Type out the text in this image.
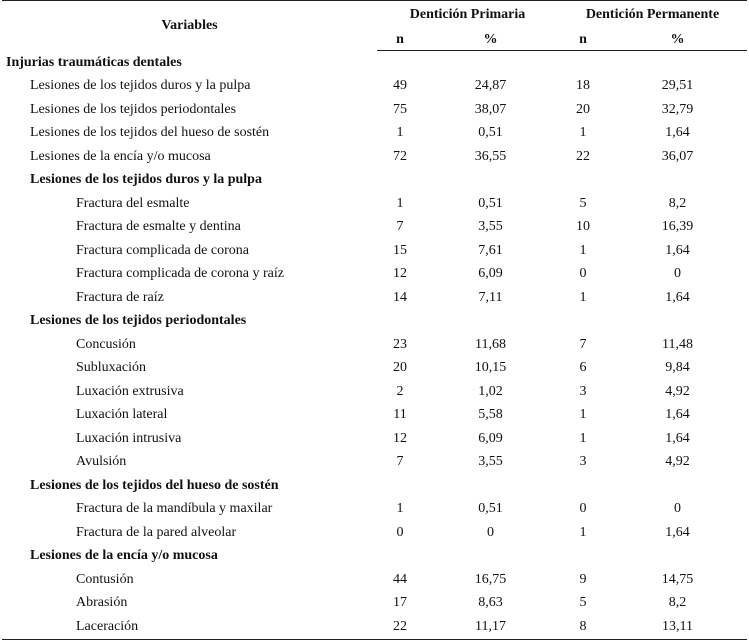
Variables	Dentición Primaria		Dentición Permanente	
	n	%	n	%
Injurias traumáticas dentales				
Lesiones de los tejidos duros y la pulpa	49	24,87	18	29,51
Lesiones de los tejidos periodontales	75	38,07	20	32,79
Lesiones de los tejidos del hueso de sostén	1	0,51	1	1,64
Lesiones de la encía y/o mucosa	72	36,55	22	36,07
Lesiones de los tejidos duros y la pulpa				
Fractura del esmalte	1	0,51	5	8,2
Fractura de esmalte y dentina	7	3,55	10	16,39
Fractura complicada de corona	15	7,61	1	1,64
Fractura complicada de corona y raíz	12	6,09	0	0
Fractura de raíz	14	7,11	1	1,64
Lesiones de los tejidos periodontales				
Concusión	23	11,68	7	11,48
Subluxación	20	10,15	6	9,84
Luxación extrusiva	2	1,02	3	4,92
Luxación lateral	11	5,58	1	1,64
Luxación intrusiva	12	6,09	1	1,64
Avulsión	7	3,55	3	4,92
Lesiones de los tejidos del hueso de sostén				
Fractura de la mandíbula y maxilar	1	0,51	0	0
Fractura de la pared alveolar	0	0	1	1,64
Lesiones de la encía y/o mucosa				
Contusión	44	16,75	9	14,75
Abrasión	17	8,63	5	8,2
Laceración	22	11,17	8	13,11
